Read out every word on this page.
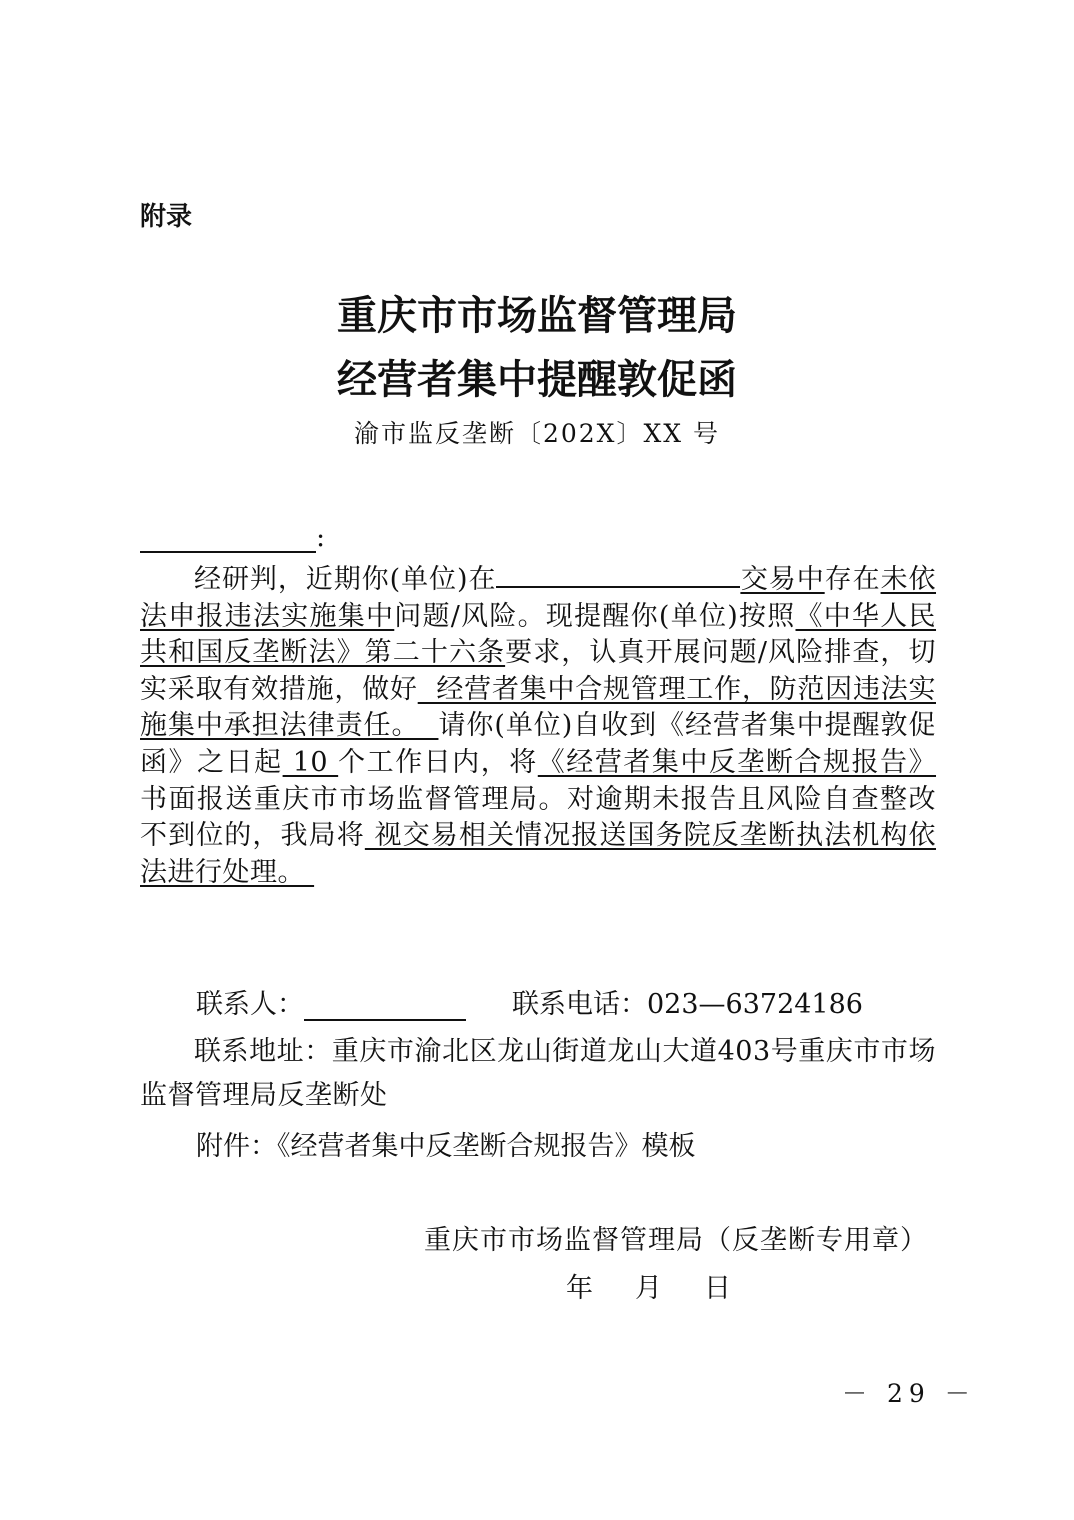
附录
重庆市市场监督管理局
经营者集中提醒敦促函
渝市监反垄断〔202X〕XX 号
:

经研判，近期你(单位)在	交易中存在未依法申报违法实施集中问题/风险。现提醒你(单位)按照《中华人民共和国反垄断法》第二十六条要求，认真开展问题/风险排查，切实采取有效措施，做好  经营者集中合规管理工作，防范因违法实施集中承担法律责任。  请你(单位)自收到《经营者集中提醒敦促函》之日起 10 个工作日内，将《经营者集中反垄断合规报告》书面报送重庆市市场监督管理局。对逾期未报告且风险自查整改不到位的，我局将 视交易相关情况报送国务院反垄断执法机构依法进行处理。

联系人：	联系电话：023—63724186

联系地址：重庆市渝北区龙山街道龙山大道403号重庆市市场监督管理局反垄断处

附件：《经营者集中反垄断合规报告》模板
重庆市市场监督管理局（反垄断专用章）
年 月 日
－ 29 －
